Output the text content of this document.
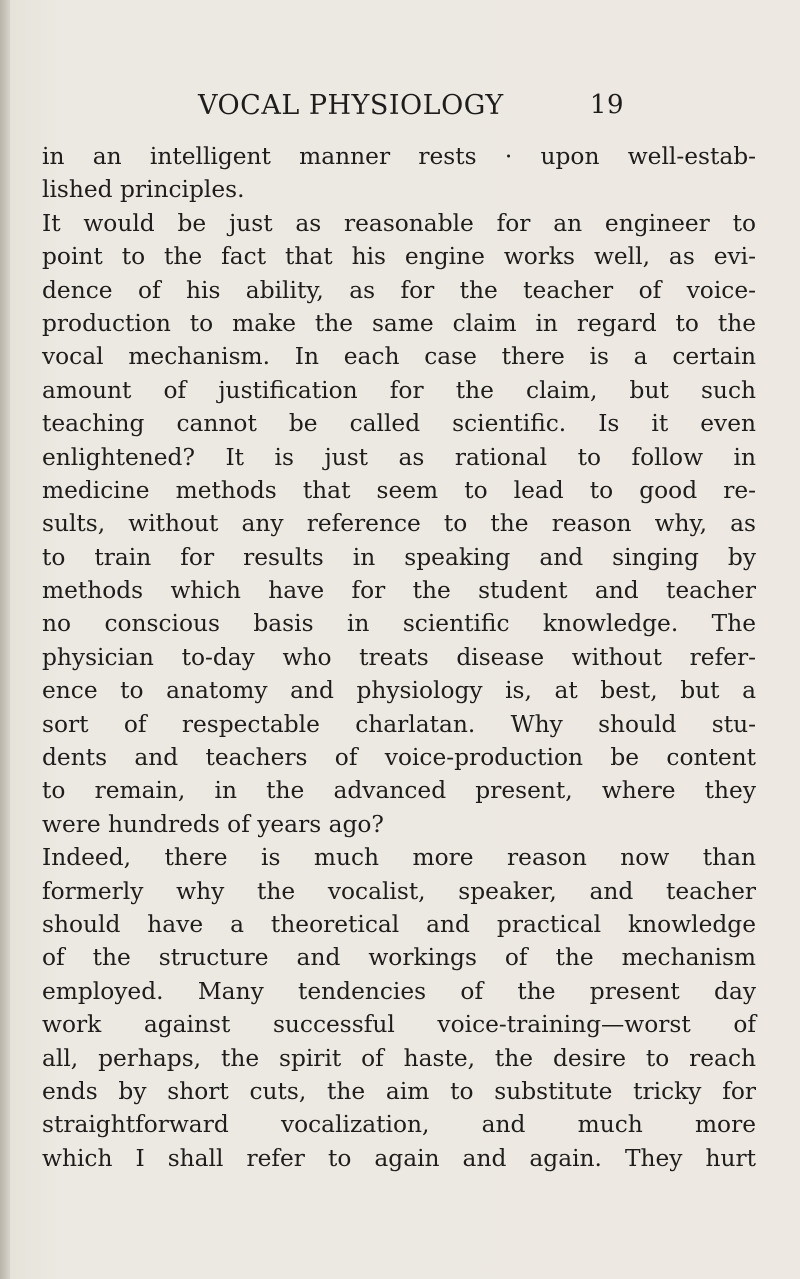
VOCAL PHYSIOLOGY	19
in an intelligent manner rests · upon well-estab-
lished principles.
It would be just as reasonable for an engineer to
point to the fact that his engine works well, as evi-
dence of his ability, as for the teacher of voice-
production to make the same claim in regard to the
vocal mechanism. In each case there is a certain
amount of justification for the claim, but such
teaching cannot be called scientific. Is it even
enlightened? It is just as rational to follow in
medicine methods that seem to lead to good re-
sults, without any reference to the reason why, as
to train for results in speaking and singing by
methods which have for the student and teacher
no conscious basis in scientific knowledge. The
physician to-day who treats disease without refer-
ence to anatomy and physiology is, at best, but a
sort of respectable charlatan. Why should stu-
dents and teachers of voice-production be content
to remain, in the advanced present, where they
were hundreds of years ago?
Indeed, there is much more reason now than
formerly why the vocalist, speaker, and teacher
should have a theoretical and practical knowledge
of the structure and workings of the mechanism
employed. Many tendencies of the present day
work against successful voice-training—worst of
all, perhaps, the spirit of haste, the desire to reach
ends by short cuts, the aim to substitute tricky for
straightforward vocalization, and much more
which I shall refer to again and again. They hurt
